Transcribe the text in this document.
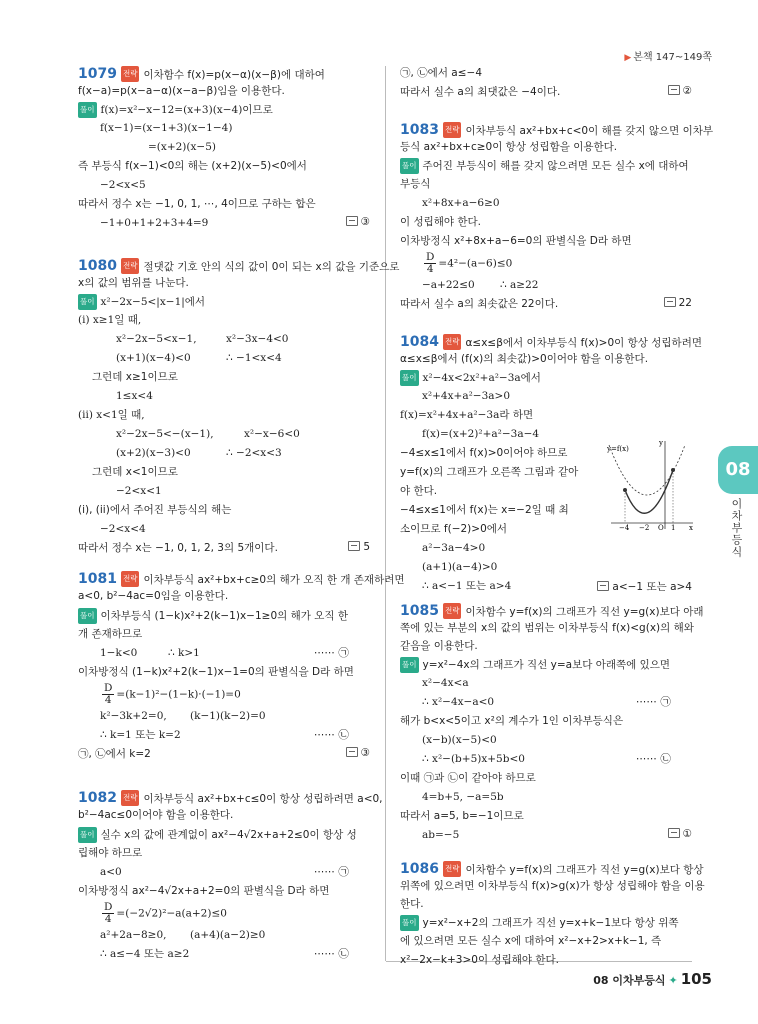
▶ 본책 147~149쪽
1079 전략 이차함수 f(x)=p(x−α)(x−β)에 대하여
f(x−a)=p(x−a−α)(x−a−β)임을 이용한다.
풀이 f(x)=x²−x−12=(x+3)(x−4)이므로
f(x−1)=(x−1+3)(x−1−4)
=(x+2)(x−5)
즉 부등식 f(x−1)<0의 해는 (x+2)(x−5)<0에서
−2<x<5
따라서 정수 x는 −1, 0, 1, ⋯, 4이므로 구하는 합은
−1+0+1+2+3+4=9	③
1080 전략 절댓값 기호 안의 식의 값이 0이 되는 x의 값을 기준으로
x의 값의 범위를 나눈다.
풀이 x²−2x−5<|x−1|에서
(i) x≥1일 때,
x²−2x−5<x−1,	x²−3x−4<0
(x+1)(x−4)<0	∴ −1<x<4
그런데 x≥1이므로
1≤x<4
(ii) x<1일 때,
x²−2x−5<−(x−1),	x²−x−6<0
(x+2)(x−3)<0	∴ −2<x<3
그런데 x<1이므로
−2<x<1
(i), (ii)에서 주어진 부등식의 해는
−2<x<4
따라서 정수 x는 −1, 0, 1, 2, 3의 5개이다.	5
1081 전략 이차부등식 ax²+bx+c≥0의 해가 오직 한 개 존재하려면
a<0, b²−4ac=0임을 이용한다.
풀이 이차부등식 (1−k)x²+2(k−1)x−1≥0의 해가 오직 한
개 존재하므로
1−k<0	∴ k>1	⋯⋯ ㉠
이차방정식 (1−k)x²+2(k−1)x−1=0의 판별식을 D라 하면
$\frac{D}{4} =(k-1)^2-(1-k)\cdot(-1)=0$
k²−3k+2=0, (k−1)(k−2)=0
∴ k=1 또는 k=2	⋯⋯ ㉡
㉠, ㉡에서 k=2	③
1082 전략 이차부등식 ax²+bx+c≤0이 항상 성립하려면 a<0,
b²−4ac≤0이어야 함을 이용한다.
풀이 실수 x의 값에 관계없이 ax²−4√2x+a+2≤0이 항상 성
립해야 하므로
a<0	⋯⋯ ㉠
이차방정식 ax²−4√2x+a+2=0의 판별식을 D라 하면
$\frac{D}{4} =(-2√2)^2-a(a+2)\le 0$
a²+2a−8≥0, (a+4)(a−2)≥0
∴ a≤−4 또는 a≥2	⋯⋯ ㉡
㉠, ㉡에서 a≤−4
따라서 실수 a의 최댓값은 −4이다.	②
1083 전략 이차부등식 ax²+bx+c<0이 해를 갖지 않으면 이차부
등식 ax²+bx+c≥0이 항상 성립함을 이용한다.
풀이 주어진 부등식이 해를 갖지 않으려면 모든 실수 x에 대하여
부등식
x²+8x+a−6≥0
이 성립해야 한다.
이차방정식 x²+8x+a−6=0의 판별식을 D라 하면
$\frac{D}{4} =4^2-(a-6)\le 0$
−a+22≤0 ∴ a≥22
따라서 실수 a의 최솟값은 22이다.	22
1084 전략 α≤x≤β에서 이차부등식 f(x)>0이 항상 성립하려면
α≤x≤β에서 (f(x)의 최솟값)>0이어야 함을 이용한다.
풀이 x²−4x<2x²+a²−3a에서
x²+4x+a²−3a>0
f(x)=x²+4x+a²−3a라 하면
f(x)=(x+2)²+a²−3a−4
−4≤x≤1에서 f(x)>0이어야 하므로
y=f(x)의 그래프가 오른쪽 그림과 같아
야 한다.
−4≤x≤1에서 f(x)는 x=−2일 때 최
소이므로 f(−2)>0에서
a²−3a−4>0
(a+1)(a−4)>0
∴ a<−1 또는 a>4	a<−1 또는 a>4
1085 전략 이차함수 y=f(x)의 그래프가 직선 y=g(x)보다 아래
쪽에 있는 부분의 x의 값의 범위는 이차부등식 f(x)<g(x)의 해와
같음을 이용한다.
풀이 y=x²−4x의 그래프가 직선 y=a보다 아래쪽에 있으면
x²−4x<a
∴ x²−4x−a<0	⋯⋯ ㉠
해가 b<x<5이고 x²의 계수가 1인 이차부등식은
(x−b)(x−5)<0
∴ x²−(b+5)x+5b<0	⋯⋯ ㉡
이때 ㉠과 ㉡이 같아야 하므로
4=b+5, −a=5b
따라서 a=5, b=−1이므로
ab=−5	①
1086 전략 이차함수 y=f(x)의 그래프가 직선 y=g(x)보다 항상
위쪽에 있으려면 이차부등식 f(x)>g(x)가 항상 성립해야 함을 이용
한다.
풀이 y=x²−x+2의 그래프가 직선 y=x+k−1보다 항상 위쪽
에 있으려면 모든 실수 x에 대하여 x²−x+2>x+k−1, 즉
x²−2x−k+3>0이 성립해야 한다.
y=f(x)
y
x
−4 −2 O 1
08
이차부등식
08 이차부등식 ✦ 105
